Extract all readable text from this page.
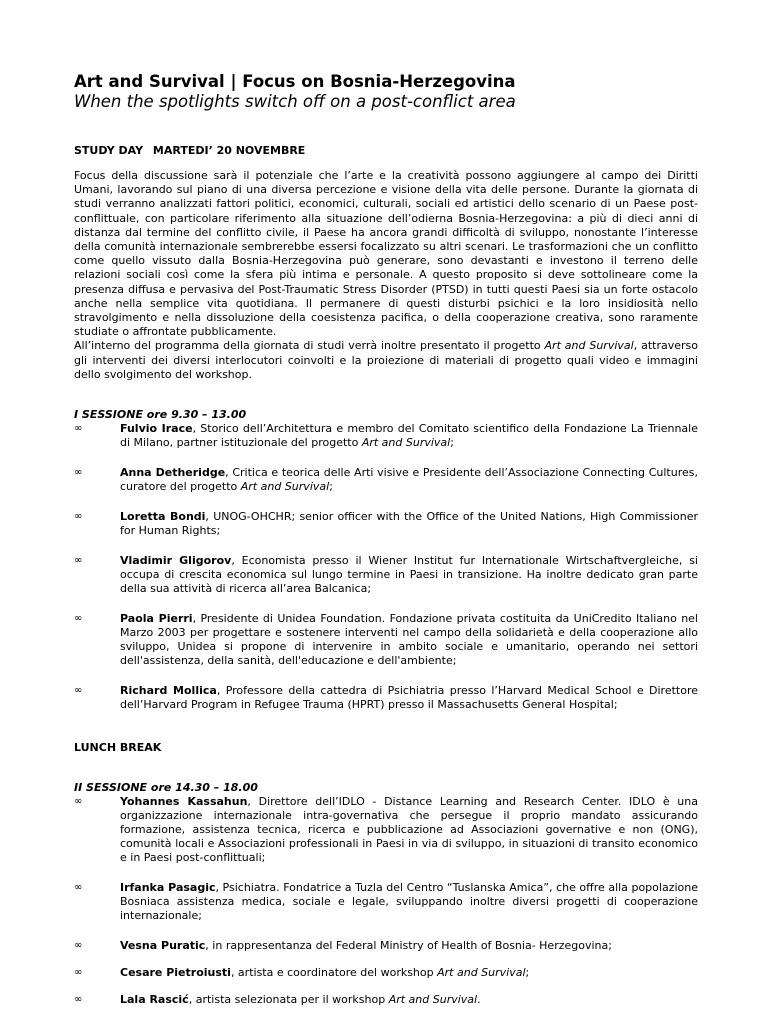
Art and Survival | Focus on Bosnia-Herzegovina
When the spotlights switch off on a post-conflict area
STUDY DAY MARTEDI’ 20 NOVEMBRE

Focus della discussione sarà il potenziale che l’arte e la creatività possono aggiungere al campo dei Diritti Umani, lavorando sul piano di una diversa percezione e visione della vita delle persone. Durante la giornata di studi verranno analizzati fattori politici, economici, culturali, sociali ed artistici dello scenario di un Paese post-conflittuale, con particolare riferimento alla situazione dell’odierna Bosnia-Herzegovina: a più di dieci anni di distanza dal termine del conflitto civile, il Paese ha ancora grandi difficoltà di sviluppo, nonostante l’interesse della comunità internazionale sembrerebbe essersi focalizzato su altri scenari. Le trasformazioni che un conflitto come quello vissuto dalla Bosnia-Herzegovina può generare, sono devastanti e investono il terreno delle relazioni sociali così come la sfera più intima e personale. A questo proposito si deve sottolineare come la presenza diffusa e pervasiva del Post-Traumatic Stress Disorder (PTSD) in tutti questi Paesi sia un forte ostacolo anche nella semplice vita quotidiana. Il permanere di questi disturbi psichici e la loro insidiosità nello stravolgimento e nella dissoluzione della coesistenza pacifica, o della cooperazione creativa, sono raramente studiate o affrontate pubblicamente.

All’interno del programma della giornata di studi verrà inoltre presentato il progetto Art and Survival, attraverso gli interventi dei diversi interlocutori coinvolti e la proiezione di materiali di progetto quali video e immagini dello svolgimento del workshop.

I SESSIONE ore 9.30 – 13.00
∞	Fulvio Irace, Storico dell’Architettura e membro del Comitato scientifico della Fondazione La Triennale di Milano, partner istituzionale del progetto Art and Survival;
∞	Anna Detheridge, Critica e teorica delle Arti visive e Presidente dell’Associazione Connecting Cultures, curatore del progetto Art and Survival;
∞	Loretta Bondi, UNOG-OHCHR; senior officer with the Office of the United Nations, High Commissioner for Human Rights;
∞	Vladimir Gligorov, Economista presso il Wiener Institut fur Internationale Wirtschaftvergleiche, si occupa di crescita economica sul lungo termine in Paesi in transizione. Ha inoltre dedicato gran parte della sua attività di ricerca all’area Balcanica;
∞	Paola Pierri, Presidente di Unidea Foundation. Fondazione privata costituita da UniCredito Italiano nel Marzo 2003 per progettare e sostenere interventi nel campo della solidarietà e della cooperazione allo sviluppo, Unidea si propone di intervenire in ambito sociale e umanitario, operando nei settori dell'assistenza, della sanità, dell'educazione e dell'ambiente;
∞	Richard Mollica, Professore della cattedra di Psichiatria presso l’Harvard Medical School e Direttore dell’Harvard Program in Refugee Trauma (HPRT) presso il Massachusetts General Hospital;
LUNCH BREAK
II SESSIONE ore 14.30 – 18.00
∞	Yohannes Kassahun, Direttore dell’IDLO - Distance Learning and Research Center. IDLO è una organizzazione internazionale intra-governativa che persegue il proprio mandato assicurando formazione, assistenza tecnica, ricerca e pubblicazione ad Associazioni governative e non (ONG), comunità locali e Associazioni professionali in Paesi in via di sviluppo, in situazioni di transito economico e in Paesi post-conflittuali;
∞	Irfanka Pasagic, Psichiatra. Fondatrice a Tuzla del Centro “Tuslanska Amica”, che offre alla popolazione Bosniaca assistenza medica, sociale e legale, sviluppando inoltre diversi progetti di cooperazione internazionale;
∞	Vesna Puratic, in rappresentanza del Federal Ministry of Health of Bosnia- Herzegovina;
∞	Cesare Pietroiusti, artista e coordinatore del workshop Art and Survival;
∞	Lala Rascić, artista selezionata per il workshop Art and Survival.
